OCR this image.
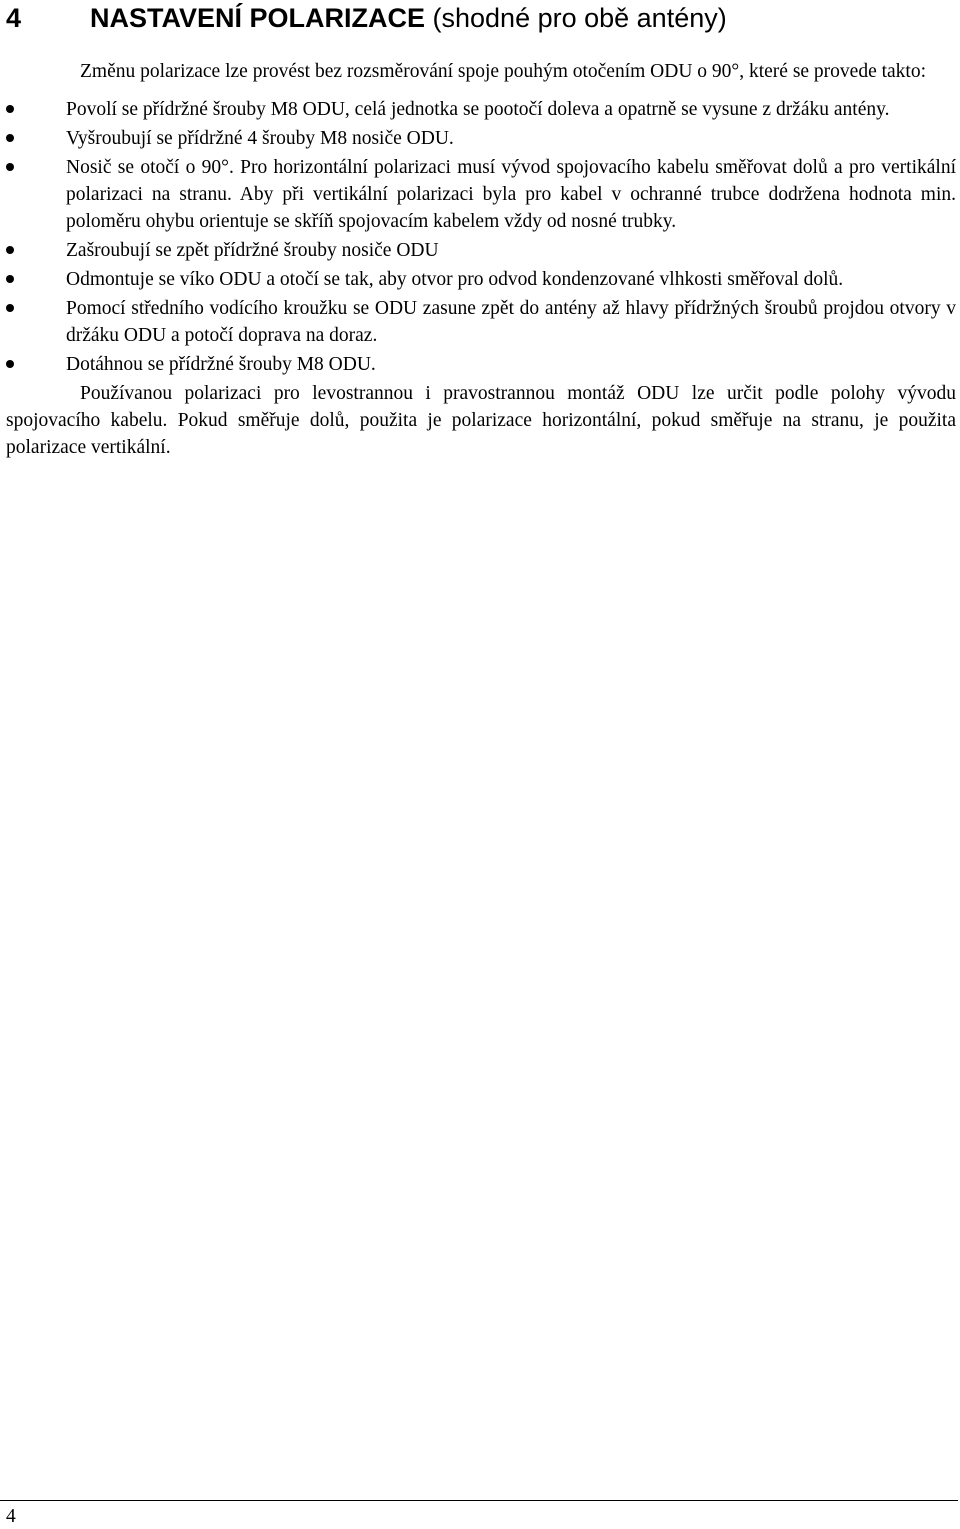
4	NASTAVENÍ POLARIZACE (shodné pro obě antény)

Změnu polarizace lze provést bez rozsměrování spoje pouhým otočením ODU o 90°, které se provede takto:

Povolí se přídržné šrouby M8 ODU, celá jednotka se pootočí doleva a opatrně se vysune z držáku antény.
Vyšroubují se přídržné 4 šrouby M8 nosiče ODU.
Nosič se otočí o 90°. Pro horizontální polarizaci musí vývod spojovacího kabelu směřovat dolů a pro vertikální polarizaci na stranu. Aby při vertikální polarizaci byla pro kabel v ochranné trubce dodržena hodnota min. poloměru ohybu orientuje se skříň spojovacím kabelem vždy od nosné trubky.
Zašroubují se zpět přídržné šrouby nosiče ODU
Odmontuje se víko ODU a otočí se tak, aby otvor pro odvod kondenzované vlhkosti směřoval dolů.
Pomocí středního vodícího kroužku se ODU zasune zpět do antény až hlavy přídržných šroubů projdou otvory v držáku ODU a potočí doprava na doraz.
Dotáhnou se přídržné šrouby M8 ODU.

Používanou polarizaci pro levostrannou i pravostrannou montáž ODU lze určit podle polohy vývodu spojovacího kabelu. Pokud směřuje dolů, použita je polarizace horizontální, pokud směřuje na stranu, je použita polarizace vertikální.

4
